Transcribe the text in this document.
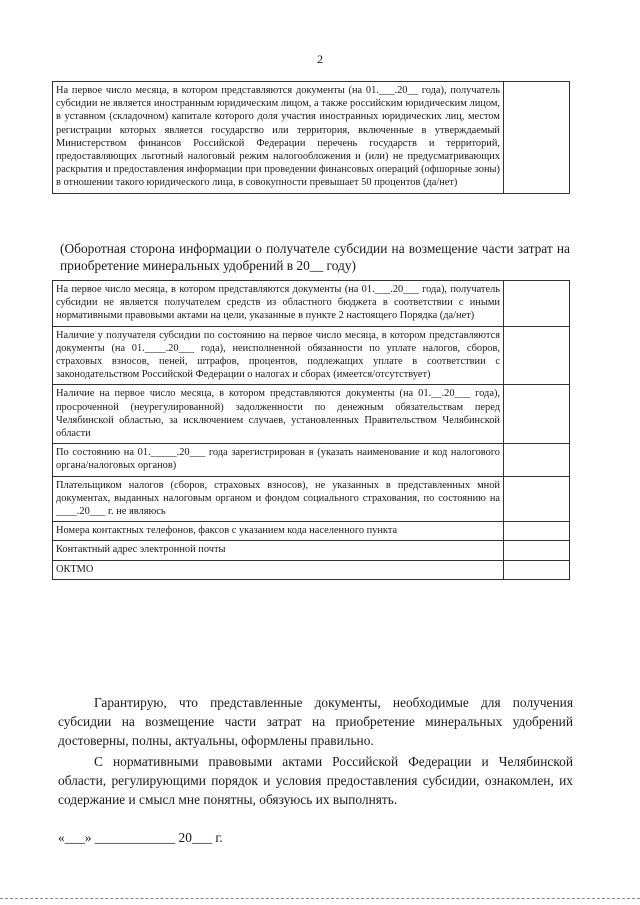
2
На первое число месяца, в котором представляются документы (на 01.___.20__ года), получатель субсидии не является иностранным юридическим лицом, а также российским юридическим лицом, в уставном (складочном) капитале которого доля участия иностранных юридических лиц, местом регистрации которых является государство или территория, включенные в утверждаемый Министерством финансов Российской Федерации перечень государств и территорий, предоставляющих льготный налоговый режим налогообложения и (или) не предусматривающих раскрытия и предоставления информации при проведении финансовых операций (офшорные зоны) в отношении такого юридического лица, в совокупности превышает 50 процентов (да/нет)	
(Оборотная сторона информации о получателе субсидии на возмещение части затрат на приобретение минеральных удобрений в 20__ году)
На первое число месяца, в котором представляются документы (на 01.___.20___ года), получатель субсидии не является получателем средств из областного бюджета в соответствии с иными нормативными правовыми актами на цели, указанные в пункте 2 настоящего Порядка (да/нет)	
Наличие у получателя субсидии по состоянию на первое число месяца, в котором представляются документы (на 01.____.20___ года), неисполненной обязанности по уплате налогов, сборов, страховых взносов, пеней, штрафов, процентов, подлежащих уплате в соответствии с законодательством Российской Федерации о налогах и сборах (имеется/отсутствует)	
Наличие на первое число месяца, в котором представляются документы (на 01.__.20___ года), просроченной (неурегулированной) задолженности по денежным обязательствам перед Челябинской областью, за исключением случаев, установленных Правительством Челябинской области	
По состоянию на 01._____.20___ года зарегистрирован в (указать наименование и код налогового органа/налоговых органов)	
Плательщиком налогов (сборов, страховых взносов), не указанных в представленных мной документах, выданных налоговым органом и фондом социального страхования, по состоянию на ____.20___ г. не являюсь	
Номера контактных телефонов, факсов с указанием кода населенного пункта	
Контактный адрес электронной почты	
ОКТМО	

Гарантирую, что представленные документы, необходимые для получения субсидии на возмещение части затрат на приобретение минеральных удобрений достоверны, полны, актуальны, оформлены правильно.

С нормативными правовыми актами Российской Федерации и Челябинской области, регулирующими порядок и условия предоставления субсидии, ознакомлен, их содержание и смысл мне понятны, обязуюсь их выполнять.

«___» ____________ 20___ г.
